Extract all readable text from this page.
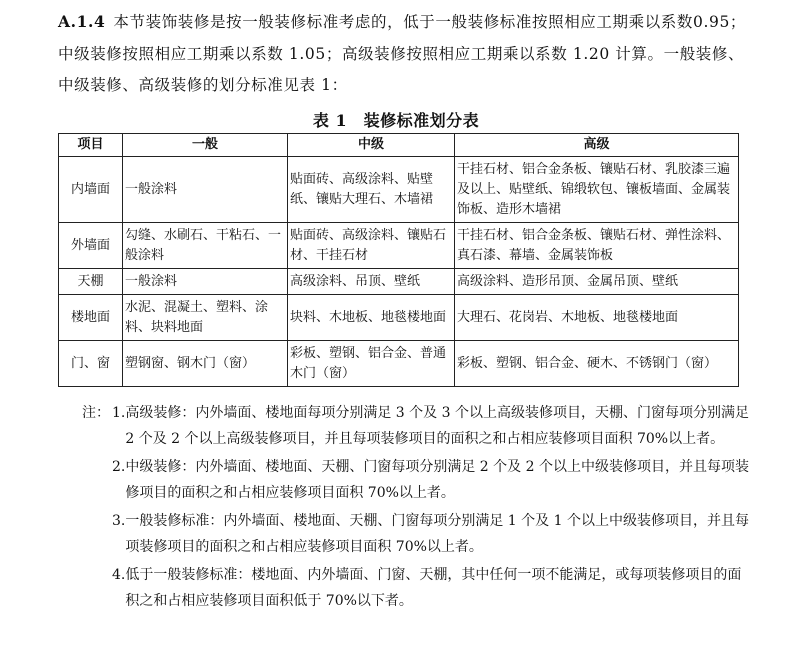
A.1.4 本节装饰装修是按一般装修标准考虑的，低于一般装修标准按照相应工期乘以系数0.95；中级装修按照相应工期乘以系数 1.05；高级装修按照相应工期乘以系数 1.20 计算。一般装修、中级装修、高级装修的划分标准见表 1：
表 1　装修标准划分表
项目	一般	中级	高级
内墙面	一般涂料	贴面砖、高级涂料、贴壁纸、镶贴大理石、木墙裙	干挂石材、铝合金条板、镶贴石材、乳胶漆三遍及以上、贴壁纸、锦缎软包、镶板墙面、金属装饰板、造形木墙裙
外墙面	勾缝、水刷石、干粘石、一般涂料	贴面砖、高级涂料、镶贴石材、干挂石材	干挂石材、铝合金条板、镶贴石材、弹性涂料、真石漆、幕墙、金属装饰板
天棚	一般涂料	高级涂料、吊顶、壁纸	高级涂料、造形吊顶、金属吊顶、壁纸
楼地面	水泥、混凝土、塑料、涂料、块料地面	块料、木地板、地毯楼地面	大理石、花岗岩、木地板、地毯楼地面
门、窗	塑钢窗、钢木门（窗）	彩板、塑钢、铝合金、普通木门（窗）	彩板、塑钢、铝合金、硬木、不锈钢门（窗）
注： 1. 高级装修：内外墙面、楼地面每项分别满足 3 个及 3 个以上高级装修项目，天棚、门窗每项分别满足 2 个及 2 个以上高级装修项目，并且每项装修项目的面积之和占相应装修项目面积 70%以上者。
2. 中级装修：内外墙面、楼地面、天棚、门窗每项分别满足 2 个及 2 个以上中级装修项目，并且每项装修项目的面积之和占相应装修项目面积 70%以上者。
3. 一般装修标准：内外墙面、楼地面、天棚、门窗每项分别满足 1 个及 1 个以上中级装修项目，并且每项装修项目的面积之和占相应装修项目面积 70%以上者。
4. 低于一般装修标准：楼地面、内外墙面、门窗、天棚，其中任何一项不能满足，或每项装修项目的面积之和占相应装修项目面积低于 70%以下者。
